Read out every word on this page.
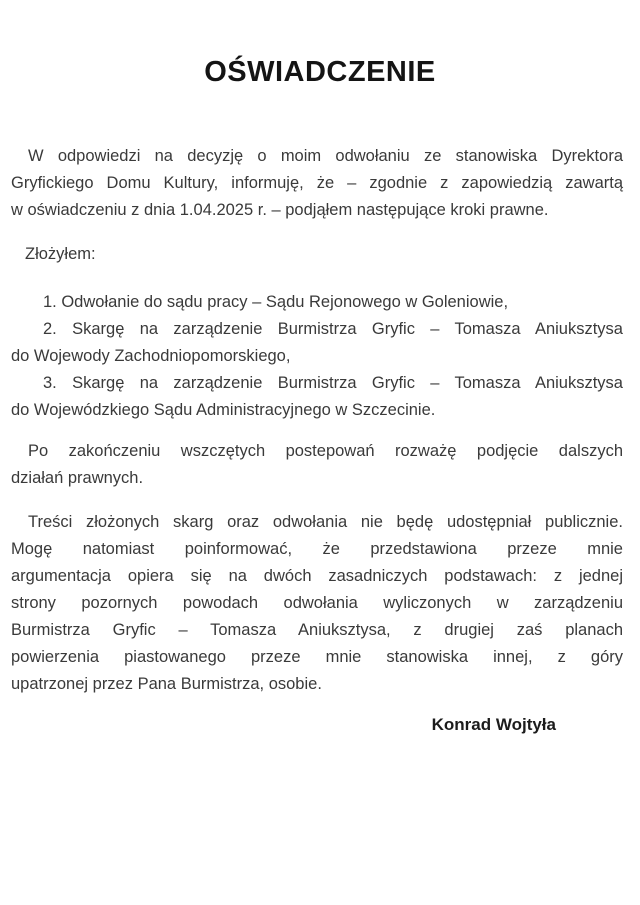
OŚWIADCZENIE
W odpowiedzi na decyzję o moim odwołaniu ze stanowiska Dyrektora
Gryfickiego Domu Kultury, informuję, że – zgodnie z zapowiedzią zawartą
w oświadczeniu z dnia 1.04.2025 r. – podjąłem następujące kroki prawne.
Złożyłem:
1. Odwołanie do sądu pracy – Sądu Rejonowego w Goleniowie,
2. Skargę na zarządzenie Burmistrza Gryfic – Tomasza Aniuksztysa
do Wojewody Zachodniopomorskiego,
3. Skargę na zarządzenie Burmistrza Gryfic – Tomasza Aniuksztysa
do Wojewódzkiego Sądu Administracyjnego w Szczecinie.
Po zakończeniu wszczętych postepowań rozważę podjęcie dalszych
działań prawnych.
Treści złożonych skarg oraz odwołania nie będę udostępniał publicznie.
Mogę natomiast poinformować, że przedstawiona przeze mnie
argumentacja opiera się na dwóch zasadniczych podstawach: z jednej
strony pozornych powodach odwołania wyliczonych w zarządzeniu
Burmistrza Gryfic – Tomasza Aniuksztysa, z drugiej zaś planach
powierzenia piastowanego przeze mnie stanowiska innej, z góry
upatrzonej przez Pana Burmistrza, osobie.
Konrad Wojtyła
